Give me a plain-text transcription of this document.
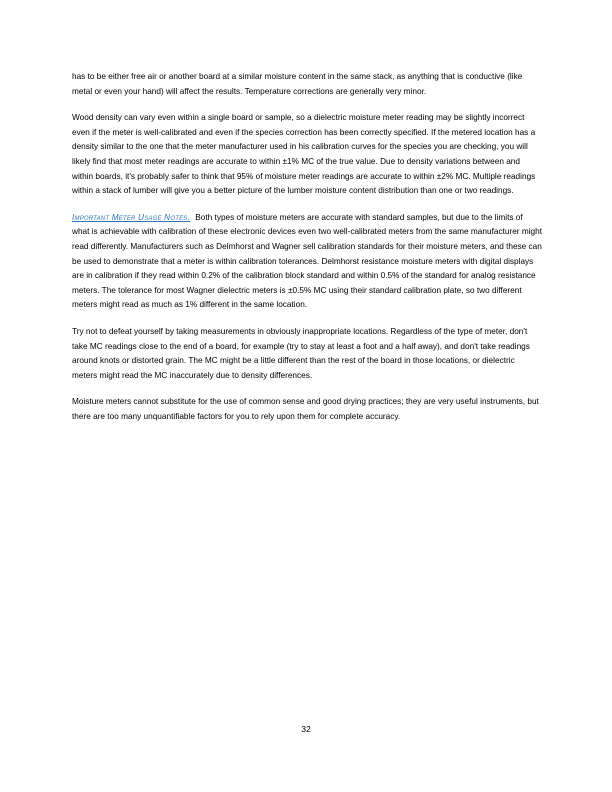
has to be either free air or another board at a similar moisture content in the same stack, as anything that is conductive (like metal or even your hand) will affect the results. Temperature corrections are generally very minor.

Wood density can vary even within a single board or sample, so a dielectric moisture meter reading may be slightly incorrect even if the meter is well-calibrated and even if the species correction has been correctly specified. If the metered location has a density similar to the one that the meter manufacturer used in his calibration curves for the species you are checking, you will likely find that most meter readings are accurate to within ±1% MC of the true value. Due to density variations between and within boards, it's probably safer to think that 95% of moisture meter readings are accurate to within ±2% MC. Multiple readings within a stack of lumber will give you a better picture of the lumber moisture content distribution than one or two readings.

Important Meter Usage Notes. Both types of moisture meters are accurate with standard samples, but due to the limits of what is achievable with calibration of these electronic devices even two well-calibrated meters from the same manufacturer might read differently. Manufacturers such as Delmhorst and Wagner sell calibration standards for their moisture meters, and these can be used to demonstrate that a meter is within calibration tolerances. Delmhorst resistance moisture meters with digital displays are in calibration if they read within 0.2% of the calibration block standard and within 0.5% of the standard for analog resistance meters. The tolerance for most Wagner dielectric meters is ±0.5% MC using their standard calibration plate, so two different meters might read as much as 1% different in the same location.

Try not to defeat yourself by taking measurements in obviously inappropriate locations. Regardless of the type of meter, don't take MC readings close to the end of a board, for example (try to stay at least a foot and a half away), and don't take readings around knots or distorted grain. The MC might be a little different than the rest of the board in those locations, or dielectric meters might read the MC inaccurately due to density differences.

Moisture meters cannot substitute for the use of common sense and good drying practices; they are very useful instruments, but there are too many unquantifiable factors for you to rely upon them for complete accuracy.

32
